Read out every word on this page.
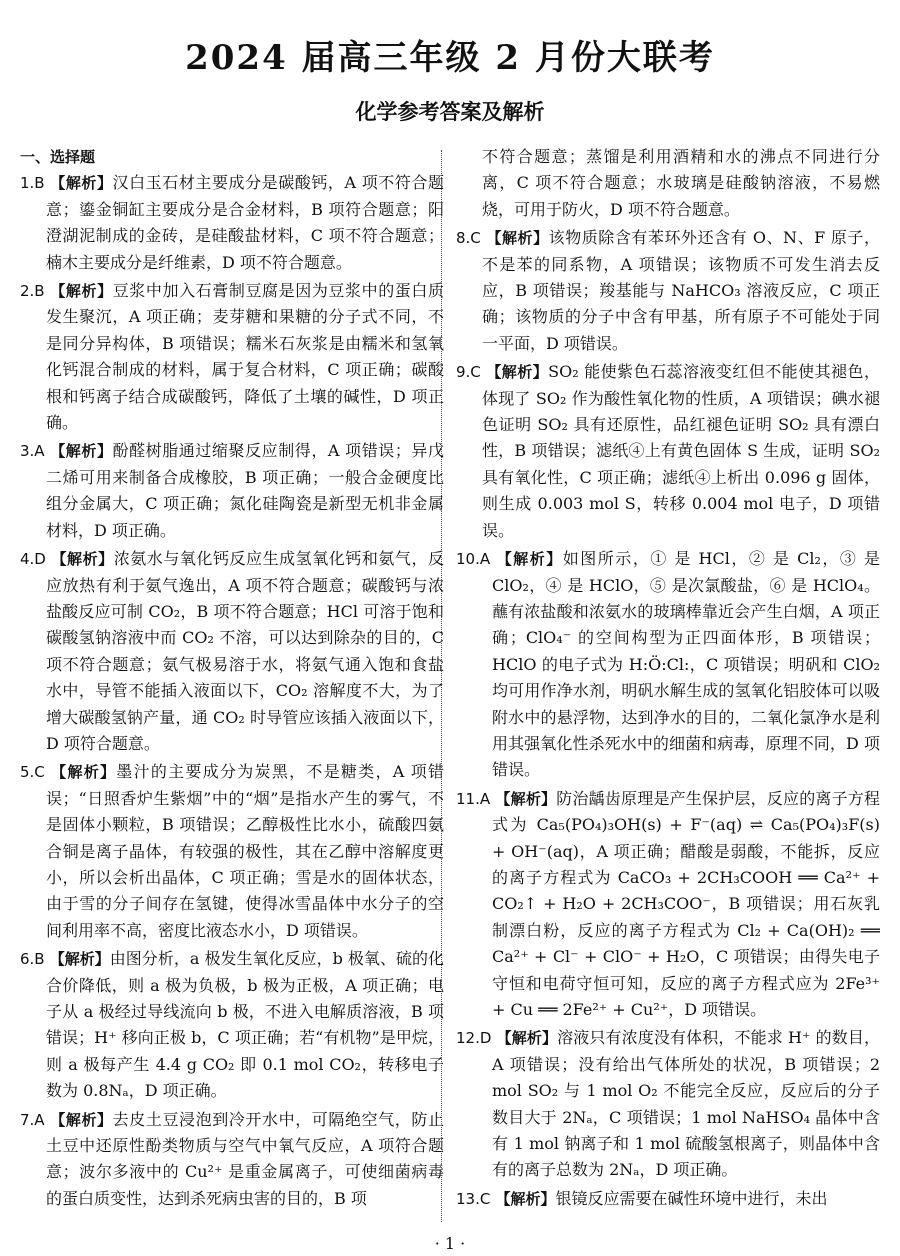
2024 届高三年级 2 月份大联考
化学参考答案及解析
一、选择题

1.B 【解析】汉白玉石材主要成分是碳酸钙，A 项不符合题意；鎏金铜缸主要成分是合金材料，B 项符合题意；阳澄湖泥制成的金砖，是硅酸盐材料，C 项不符合题意；楠木主要成分是纤维素，D 项不符合题意。

2.B 【解析】豆浆中加入石膏制豆腐是因为豆浆中的蛋白质发生聚沉，A 项正确；麦芽糖和果糖的分子式不同，不是同分异构体，B 项错误；糯米石灰浆是由糯米和氢氧化钙混合制成的材料，属于复合材料，C 项正确；碳酸根和钙离子结合成碳酸钙，降低了土壤的碱性，D 项正确。

3.A 【解析】酚醛树脂通过缩聚反应制得，A 项错误；异戊二烯可用来制备合成橡胶，B 项正确；一般合金硬度比组分金属大，C 项正确；氮化硅陶瓷是新型无机非金属材料，D 项正确。

4.D 【解析】浓氨水与氧化钙反应生成氢氧化钙和氨气，反应放热有利于氨气逸出，A 项不符合题意；碳酸钙与浓盐酸反应可制 CO₂，B 项不符合题意；HCl 可溶于饱和碳酸氢钠溶液中而 CO₂ 不溶，可以达到除杂的目的，C 项不符合题意；氨气极易溶于水，将氨气通入饱和食盐水中，导管不能插入液面以下，CO₂ 溶解度不大，为了增大碳酸氢钠产量，通 CO₂ 时导管应该插入液面以下，D 项符合题意。

5.C 【解析】墨汁的主要成分为炭黑，不是糖类，A 项错误；“日照香炉生紫烟”中的“烟”是指水产生的雾气，不是固体小颗粒，B 项错误；乙醇极性比水小，硫酸四氨合铜是离子晶体，有较强的极性，其在乙醇中溶解度更小，所以会析出晶体，C 项正确；雪是水的固体状态，由于雪的分子间存在氢键，使得冰雪晶体中水分子的空间利用率不高，密度比液态水小，D 项错误。

6.B 【解析】由图分析，a 极发生氧化反应，b 极氧、硫的化合价降低，则 a 极为负极，b 极为正极，A 项正确；电子从 a 极经过导线流向 b 极，不进入电解质溶液，B 项错误；H⁺ 移向正极 b，C 项正确；若“有机物”是甲烷，则 a 极每产生 4.4 g CO₂ 即 0.1 mol CO₂，转移电子数为 0.8Nₐ，D 项正确。

7.A 【解析】去皮土豆浸泡到冷开水中，可隔绝空气，防止土豆中还原性酚类物质与空气中氧气反应，A 项符合题意；波尔多液中的 Cu²⁺ 是重金属离子，可使细菌病毒的蛋白质变性，达到杀死病虫害的目的，B 项

不符合题意；蒸馏是利用酒精和水的沸点不同进行分离，C 项不符合题意；水玻璃是硅酸钠溶液，不易燃烧，可用于防火，D 项不符合题意。

8.C 【解析】该物质除含有苯环外还含有 O、N、F 原子，不是苯的同系物，A 项错误；该物质不可发生消去反应，B 项错误；羧基能与 NaHCO₃ 溶液反应，C 项正确；该物质的分子中含有甲基，所有原子不可能处于同一平面，D 项错误。

9.C 【解析】SO₂ 能使紫色石蕊溶液变红但不能使其褪色，体现了 SO₂ 作为酸性氧化物的性质，A 项错误；碘水褪色证明 SO₂ 具有还原性，品红褪色证明 SO₂ 具有漂白性，B 项错误；滤纸④上有黄色固体 S 生成，证明 SO₂ 具有氧化性，C 项正确；滤纸④上析出 0.096 g 固体，则生成 0.003 mol S，转移 0.004 mol 电子，D 项错误。

10.A 【解析】如图所示，① 是 HCl，② 是 Cl₂，③ 是 ClO₂，④ 是 HClO，⑤ 是次氯酸盐，⑥ 是 HClO₄。蘸有浓盐酸和浓氨水的玻璃棒靠近会产生白烟，A 项正确；ClO₄⁻ 的空间构型为正四面体形，B 项错误；HClO 的电子式为 H:Ö:Cl:，C 项错误；明矾和 ClO₂ 均可用作净水剂，明矾水解生成的氢氧化铝胶体可以吸附水中的悬浮物，达到净水的目的，二氧化氯净水是利用其强氧化性杀死水中的细菌和病毒，原理不同，D 项错误。

11.A 【解析】防治龋齿原理是产生保护层，反应的离子方程式为 Ca₅(PO₄)₃OH(s) + F⁻(aq) ⇌ Ca₅(PO₄)₃F(s) + OH⁻(aq)，A 项正确；醋酸是弱酸，不能拆，反应的离子方程式为 CaCO₃ + 2CH₃COOH ══ Ca²⁺ + CO₂↑ + H₂O + 2CH₃COO⁻，B 项错误；用石灰乳制漂白粉，反应的离子方程式为 Cl₂ + Ca(OH)₂ ══ Ca²⁺ + Cl⁻ + ClO⁻ + H₂O，C 项错误；由得失电子守恒和电荷守恒可知，反应的离子方程式应为 2Fe³⁺ + Cu ══ 2Fe²⁺ + Cu²⁺，D 项错误。

12.D 【解析】溶液只有浓度没有体积，不能求 H⁺ 的数目，A 项错误；没有给出气体所处的状况，B 项错误；2 mol SO₂ 与 1 mol O₂ 不能完全反应，反应后的分子数目大于 2Nₐ，C 项错误；1 mol NaHSO₄ 晶体中含有 1 mol 钠离子和 1 mol 硫酸氢根离子，则晶体中含有的离子总数为 2Nₐ，D 项正确。

13.C 【解析】银镜反应需要在碱性环境中进行，未出

· 1 ·
